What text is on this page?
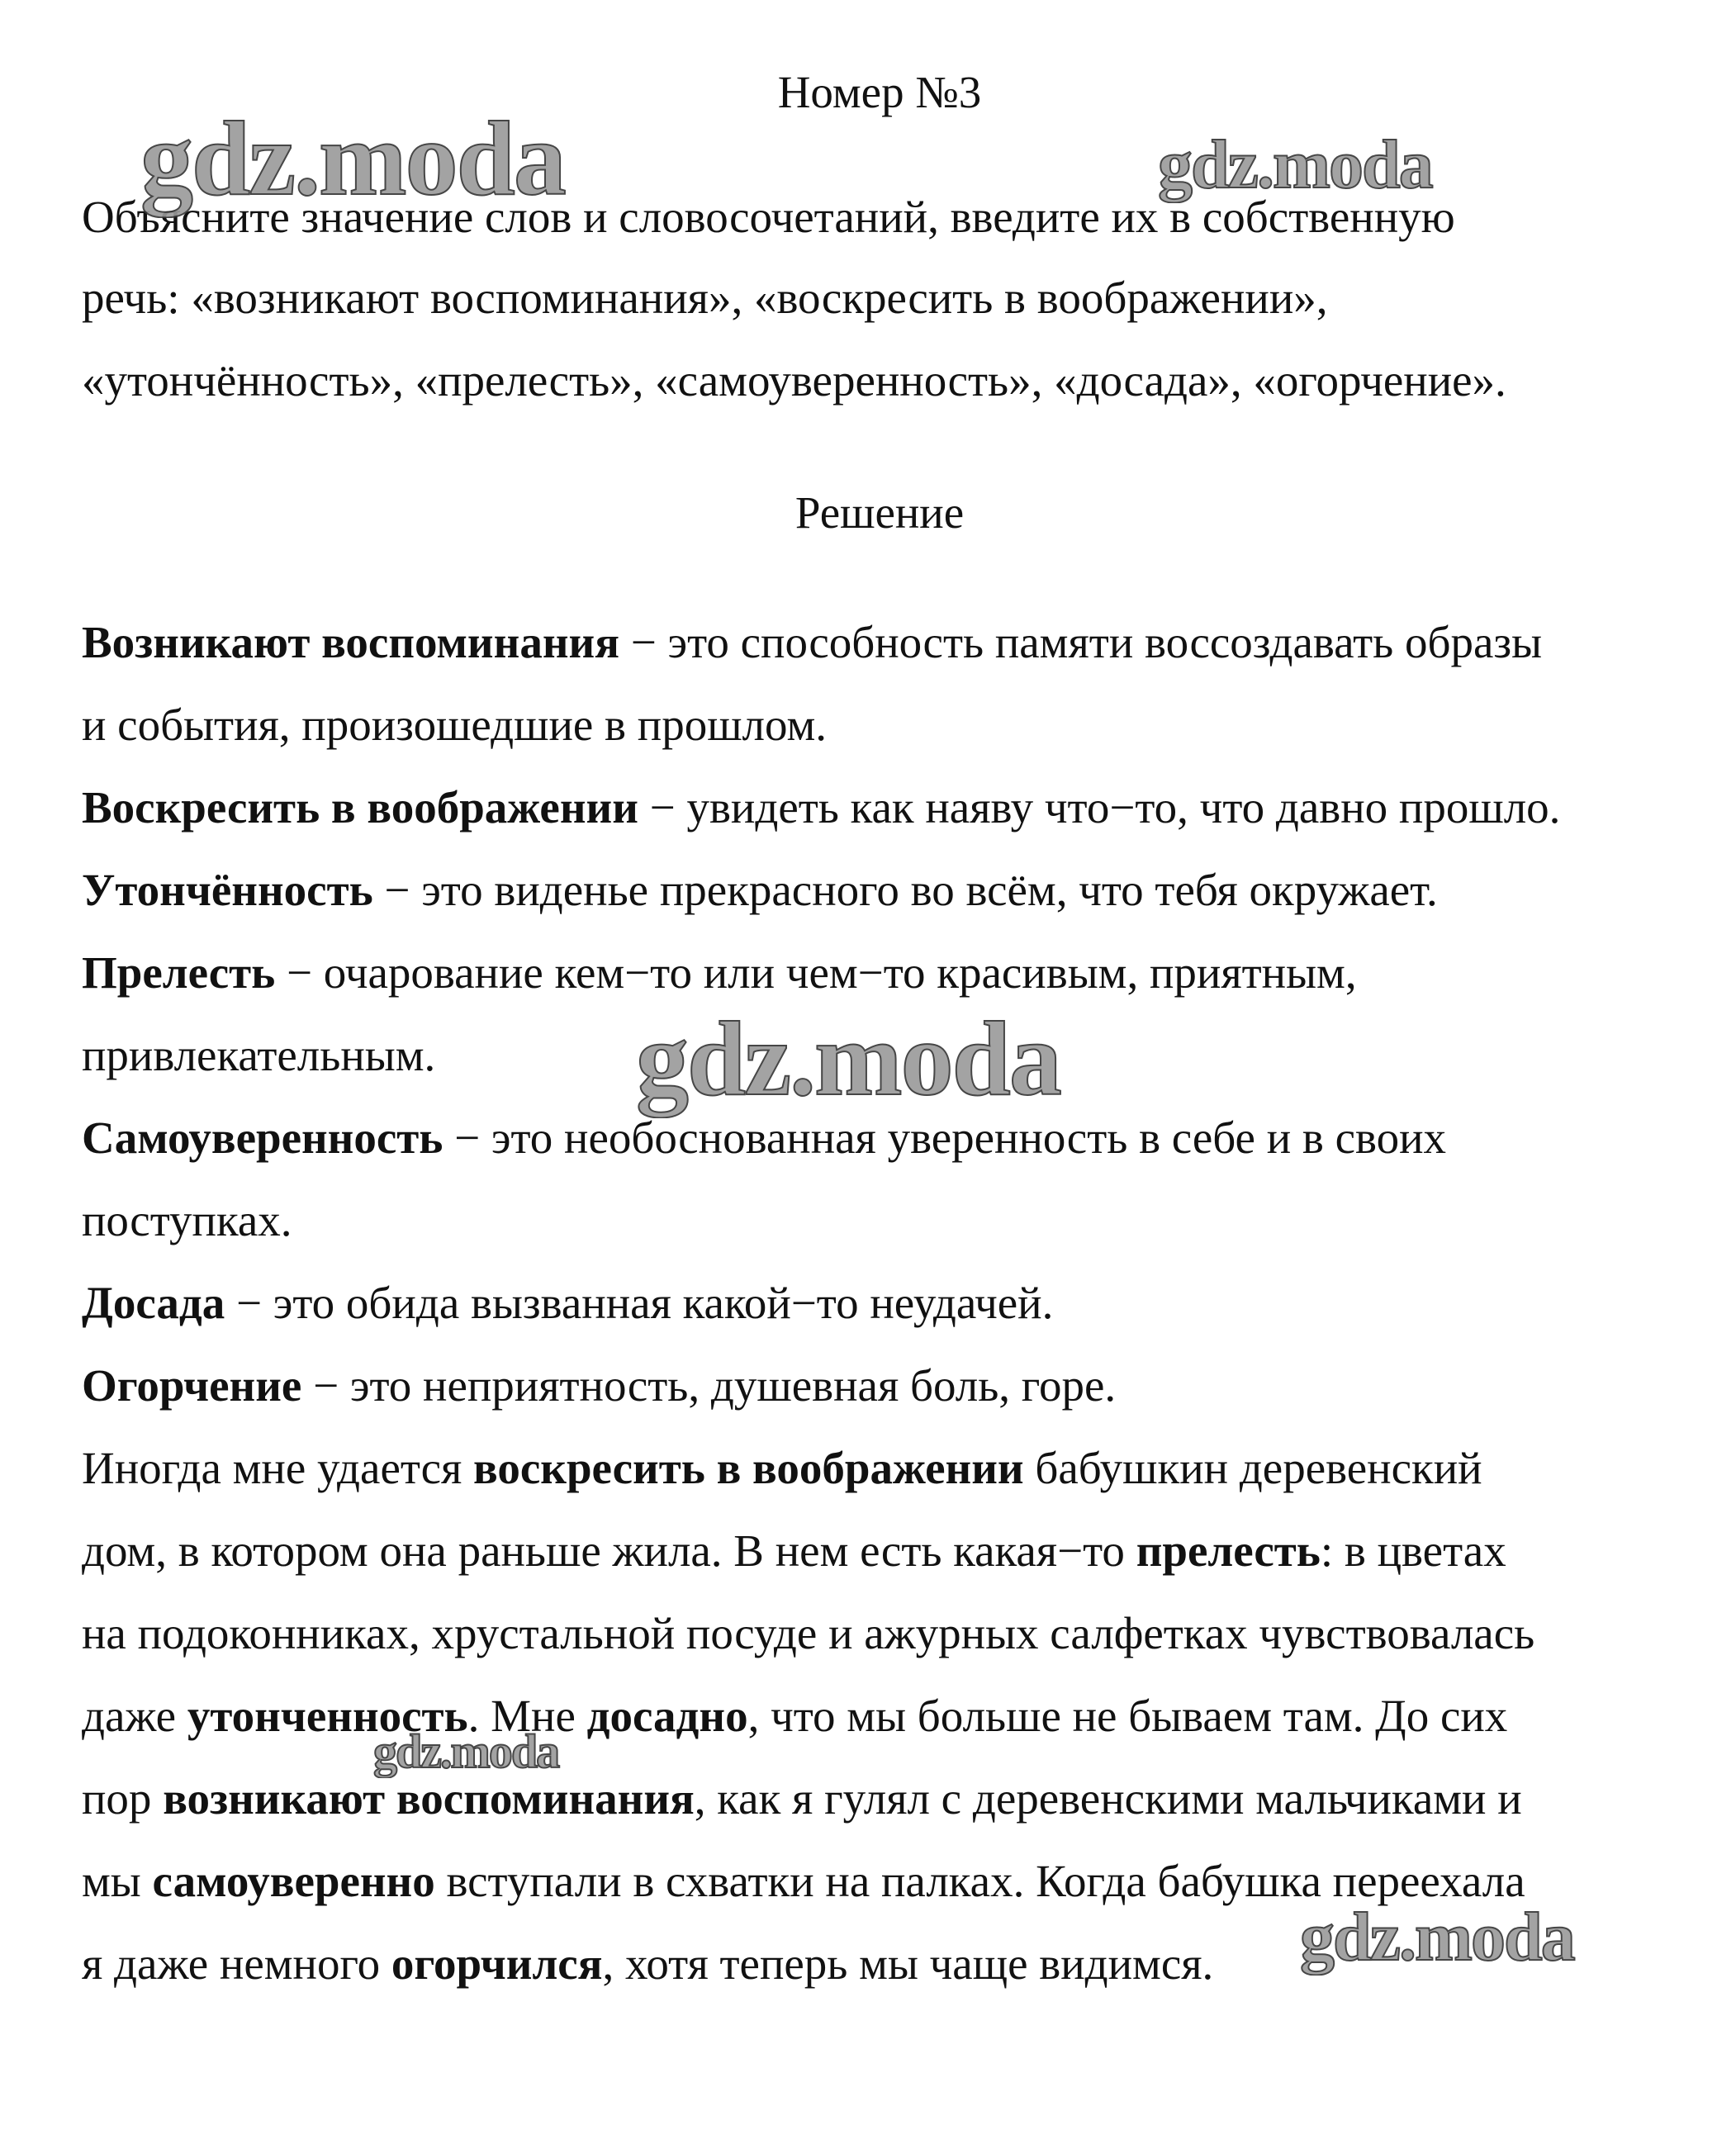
Номер №3
Объясните значение слов и словосочетаний, введите их в собственную
речь: «возникают воспоминания», «воскресить в воображении»,
«утончённость», «прелесть», «самоуверенность», «досада», «огорчение».
Решение
Возникают воспоминания − это способность памяти воссоздавать образы
и события, произошедшие в прошлом.
Воскресить в воображении − увидеть как наяву что−то, что давно прошло.
Утончённость − это виденье прекрасного во всём, что тебя окружает.
Прелесть − очарование кем−то или чем−то красивым, приятным,
привлекательным.
Самоуверенность − это необоснованная уверенность в себе и в своих
поступках.
Досада − это обида вызванная какой−то неудачей.
Огорчение − это неприятность, душевная боль, горе.
Иногда мне удается воскресить в воображении бабушкин деревенский
дом, в котором она раньше жила. В нем есть какая−то прелесть: в цветах
на подоконниках, хрустальной посуде и ажурных салфетках чувствовалась
даже утонченность. Мне досадно, что мы больше не бываем там. До сих
пор возникают воспоминания, как я гулял с деревенскими мальчиками и
мы самоуверенно вступали в схватки на палках. Когда бабушка переехала
я даже немного огорчился, хотя теперь мы чаще видимся.
gdz.moda	gdz.moda
gdz.moda
gdz.moda
gdz.moda
